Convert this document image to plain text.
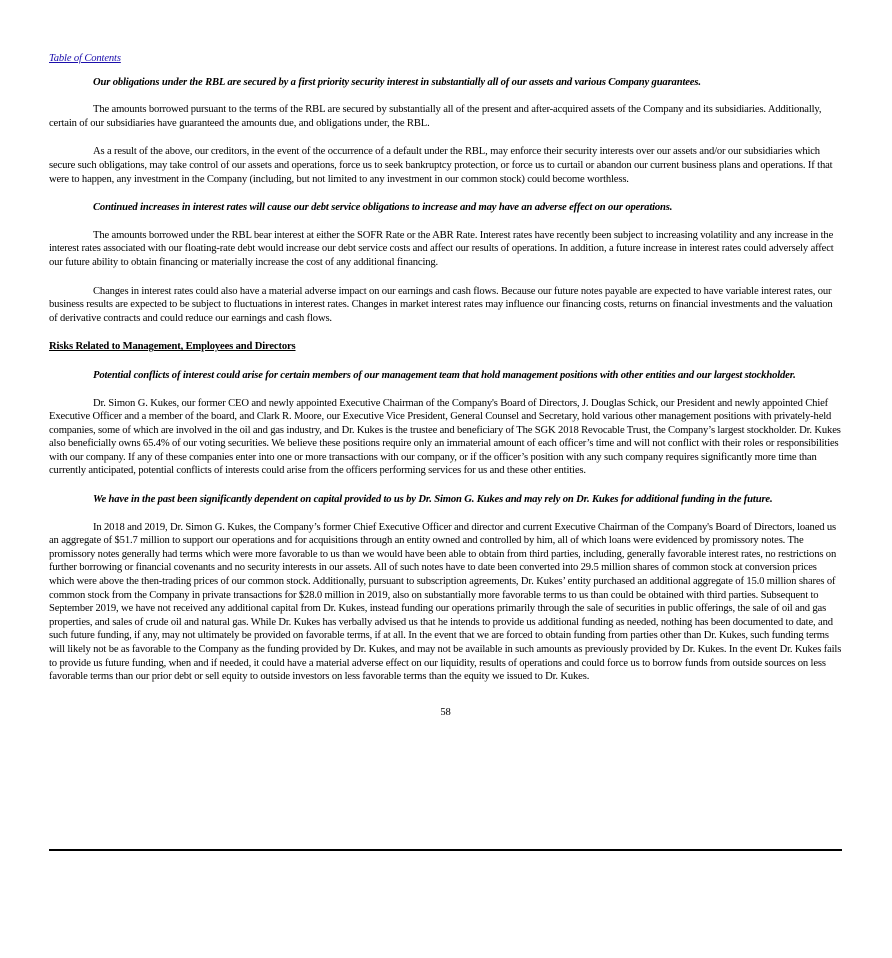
Table of Contents
Our obligations under the RBL are secured by a first priority security interest in substantially all of our assets and various Company guarantees.

The amounts borrowed pursuant to the terms of the RBL are secured by substantially all of the present and after-acquired assets of the Company and its subsidiaries. Additionally, certain of our subsidiaries have guaranteed the amounts due, and obligations under, the RBL.

As a result of the above, our creditors, in the event of the occurrence of a default under the RBL, may enforce their security interests over our assets and/or our subsidiaries which secure such obligations, may take control of our assets and operations, force us to seek bankruptcy protection, or force us to curtail or abandon our current business plans and operations. If that were to happen, any investment in the Company (including, but not limited to any investment in our common stock) could become worthless.

Continued increases in interest rates will cause our debt service obligations to increase and may have an adverse effect on our operations.

The amounts borrowed under the RBL bear interest at either the SOFR Rate or the ABR Rate. Interest rates have recently been subject to increasing volatility and any increase in the interest rates associated with our floating-rate debt would increase our debt service costs and affect our results of operations. In addition, a future increase in interest rates could adversely affect our future ability to obtain financing or materially increase the cost of any additional financing.

Changes in interest rates could also have a material adverse impact on our earnings and cash flows. Because our future notes payable are expected to have variable interest rates, our business results are expected to be subject to fluctuations in interest rates. Changes in market interest rates may influence our financing costs, returns on financial investments and the valuation of derivative contracts and could reduce our earnings and cash flows.

Risks Related to Management, Employees and Directors
Potential conflicts of interest could arise for certain members of our management team that hold management positions with other entities and our largest stockholder.

Dr. Simon G. Kukes, our former CEO and newly appointed Executive Chairman of the Company's Board of Directors, J. Douglas Schick, our President and newly appointed Chief Executive Officer and a member of the board, and Clark R. Moore, our Executive Vice President, General Counsel and Secretary, hold various other management positions with privately-held companies, some of which are involved in the oil and gas industry, and Dr. Kukes is the trustee and beneficiary of The SGK 2018 Revocable Trust, the Company’s largest stockholder. Dr. Kukes also beneficially owns 65.4% of our voting securities. We believe these positions require only an immaterial amount of each officer’s time and will not conflict with their roles or responsibilities with our company. If any of these companies enter into one or more transactions with our company, or if the officer’s position with any such company requires significantly more time than currently anticipated, potential conflicts of interests could arise from the officers performing services for us and these other entities.

We have in the past been significantly dependent on capital provided to us by Dr. Simon G. Kukes and may rely on Dr. Kukes for additional funding in the future.

In 2018 and 2019, Dr. Simon G. Kukes, the Company’s former Chief Executive Officer and director and current Executive Chairman of the Company's Board of Directors, loaned us an aggregate of $51.7 million to support our operations and for acquisitions through an entity owned and controlled by him, all of which loans were evidenced by promissory notes. The promissory notes generally had terms which were more favorable to us than we would have been able to obtain from third parties, including, generally favorable interest rates, no restrictions on further borrowing or financial covenants and no security interests in our assets. All of such notes have to date been converted into 29.5 million shares of common stock at conversion prices which were above the then-trading prices of our common stock. Additionally, pursuant to subscription agreements, Dr. Kukes’ entity purchased an additional aggregate of 15.0 million shares of common stock from the Company in private transactions for $28.0 million in 2019, also on substantially more favorable terms to us than could be obtained with third parties. Subsequent to September 2019, we have not received any additional capital from Dr. Kukes, instead funding our operations primarily through the sale of securities in public offerings, the sale of oil and gas properties, and sales of crude oil and natural gas. While Dr. Kukes has verbally advised us that he intends to provide us additional funding as needed, nothing has been documented to date, and such future funding, if any, may not ultimately be provided on favorable terms, if at all. In the event that we are forced to obtain funding from parties other than Dr. Kukes, such funding terms will likely not be as favorable to the Company as the funding provided by Dr. Kukes, and may not be available in such amounts as previously provided by Dr. Kukes. In the event Dr. Kukes fails to provide us future funding, when and if needed, it could have a material adverse effect on our liquidity, results of operations and could force us to borrow funds from outside sources on less favorable terms than our prior debt or sell equity to outside investors on less favorable terms than the equity we issued to Dr. Kukes.

58
